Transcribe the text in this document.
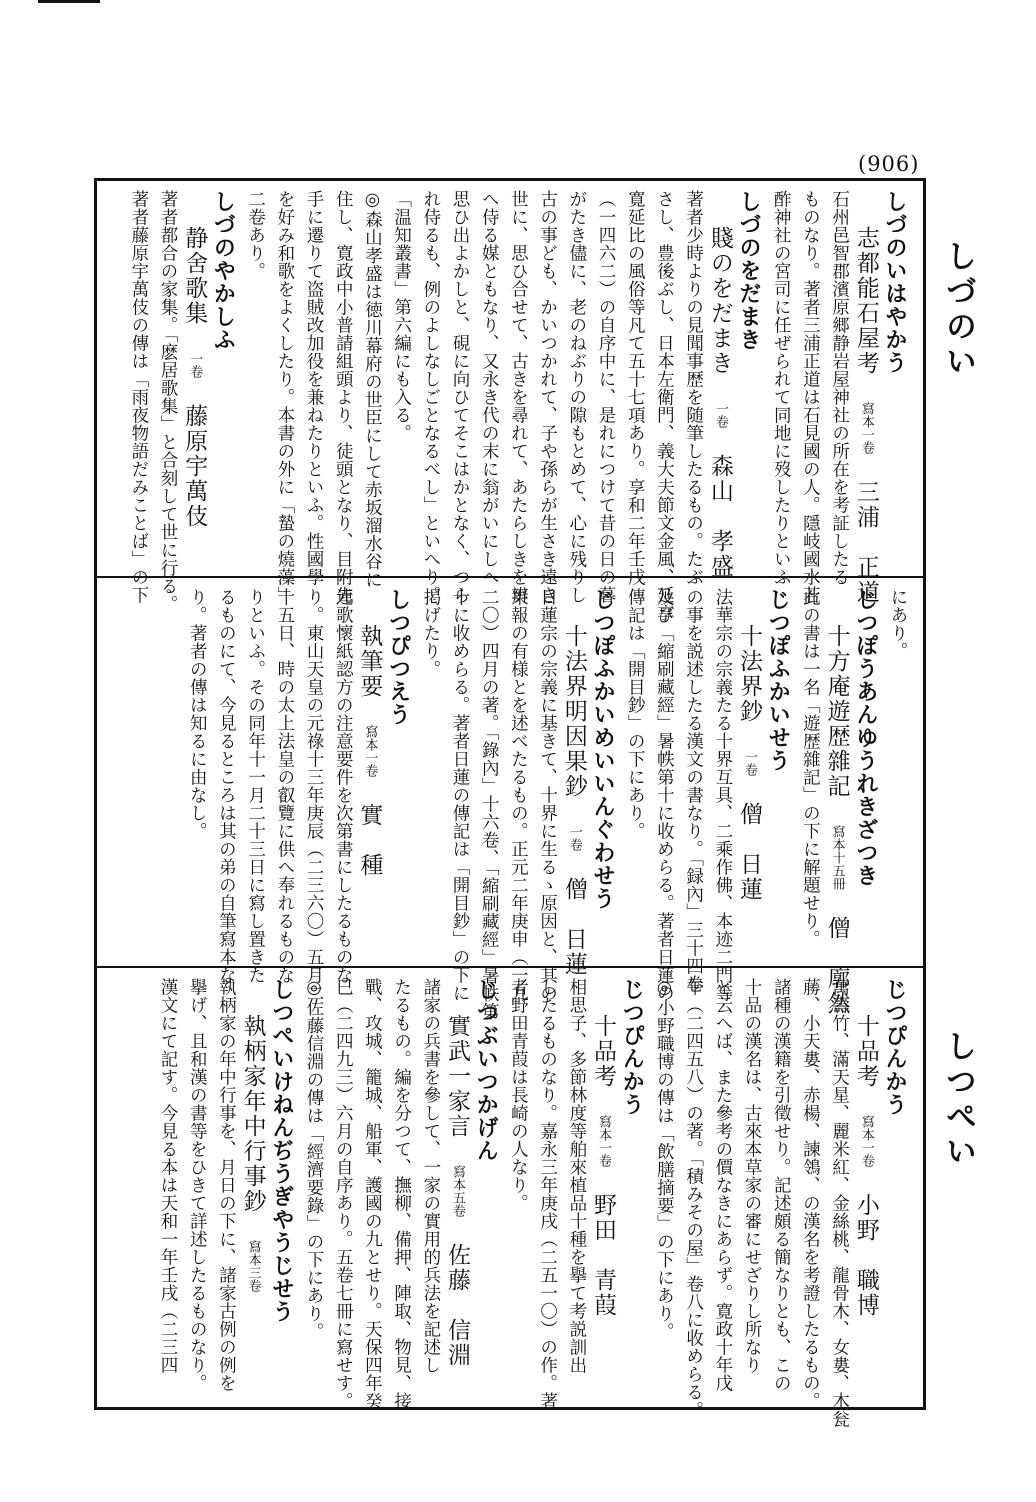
(906)
しづのい
しつぺい
しづのいはやかう
志都能石屋考寫本一卷三浦　正道
石州邑智郡濱原郷静岩屋神社の所在を考証したる
ものなり。著者三浦正道は石見國の人。隱岐國水若
酢神社の宮司に任ぜられて同地に歿したりといふ
しづのをだまき
賤のをだまき一卷森山　孝盛
著者少時よりの見聞事歴を随筆したるもの。たぶ
さし、豊後ぶし、日本左衛門、義大夫節文金風、延享
寛延比の風俗等凡て五十七項あり。享和二年壬戌
（一四六二）の自序中に、是れにつけて昔の日の暮
がたき儘に、老のねぶりの隙もとめて、心に残りし
古の事ども、かいつかれて、子や孫らが生さき遠き
世に、思ひ合せて、古きを尋れて、あたらしきを辨
へ侍る媒ともなり、又永き代の末に翁がいにしへ
思ひ出よかしと、硯に向ひてそこはかとなく、つら
れ侍るも、例のよしなしごとなるべし」といへり。
「温知叢書」第六編にも入る。
◎森山孝盛は徳川幕府の世臣にして赤坂溜水谷に
住し、寛政中小普請組頭より、徒頭となり、目附先
手に遷りて盗賊改加役を兼ねたりといふ。性國學
を好み和歌をよくしたり。本書の外に「蟄の燒藻」
二卷あり。
しづのやかしふ
静舍歌集一卷藤原宇萬伎
著者都合の家集。「麽居歌集」と合刻して世に行る。
著者藤原宇萬伎の傳は「雨夜物語だみことば」の下
にあり。
じつぽうあんゆうれきざつき
十方庵遊歴雜記寫本十五冊僧　廓然
此の書は一名「遊歴雜記」の下に解題せり。
じつぽふかいせう
十法界鈔一卷僧　日蓮
法華宗の宗義たる十界互具、二乘作佛、本迹二門等
の事を説述したる漢文の書なり。「録內」三十四卷
及び「縮刷藏經」暑帙第十に收めらる。著者日蓮の
傳記は「開目鈔」の下にあり。
じつぽふかいめいいんぐわせう
十法界明因果鈔一卷僧　日蓮
日蓮宗の宗義に基きて、十界に生るゝ原因と、其の
果報の有様とを述べたるもの。正元二年庚申（一九
二〇）四月の著。「錄內」十六卷、「縮刷藏經」暑帙第
十に收めらる。著者日蓮の傳記は「開目鈔」の下に
掲げたり。
しつぴつえう
執筆要寫本一卷實　種
連歌懷紙認方の注意要件を次第書にしたるものな
り。東山天皇の元祿十三年庚辰（二三六〇）五月二
十五日、時の太上法皇の叡覽に供へ奉れるものな
りといふ。その同年十一月二十三日に寫し置きた
るものにて、今見るところは其の弟の自筆寫本な
り。著者の傳は知るに由なし。
じつぴんかう
十品考寫本一卷小野　職博
萬壽竹、滿天星、麗米紅、金絲桃、龍骨木、女婁、木瓮
蕂、小天婁、赤楊、諫鴒、の漢名を考證したるもの。
諸種の漢籍を引徵せり。記述頗る簡なりとも、この
十品の漢名は、古來本草家の審にせざりし所なり
と云へば、また參考の價なきにあらず。寛政十年戊
午（二四五八）の著。「積みその屋」卷八に收めらる。
◎小野職博の傳は「飲膳摘要」の下にあり。
じつぴんかう
十品考寫本一卷野田　青葭
相思子、多節林度等舶來植品十種を擧て考説訓出
したるものなり。嘉永三年庚戌（二五一〇）の作。著
者野田青葭は長崎の人なり。
じつぶいつかげん
實武一家言寫本五卷佐藤　信淵
諸家の兵書を參して、一家の實用的兵法を記述し
たるもの。編を分つて、撫柳、備押、陣取、物見、接
戰、攻城、籠城、船軍、護國の九とせり。天保四年癸
巳（二四九三）六月の自序あり。五卷七冊に寫せす。
◎佐藤信淵の傳は「經濟要錄」の下にあり。
しつぺいけねんぢうぎやうじせう
執柄家年中行事鈔寫本三卷
執柄家の年中行事を、月日の下に、諸家古例の例を
擧げ、且和漢の書等をひきて詳述したるものなり。
漢文にて記す。今見る本は天和一年壬戌（二三四
